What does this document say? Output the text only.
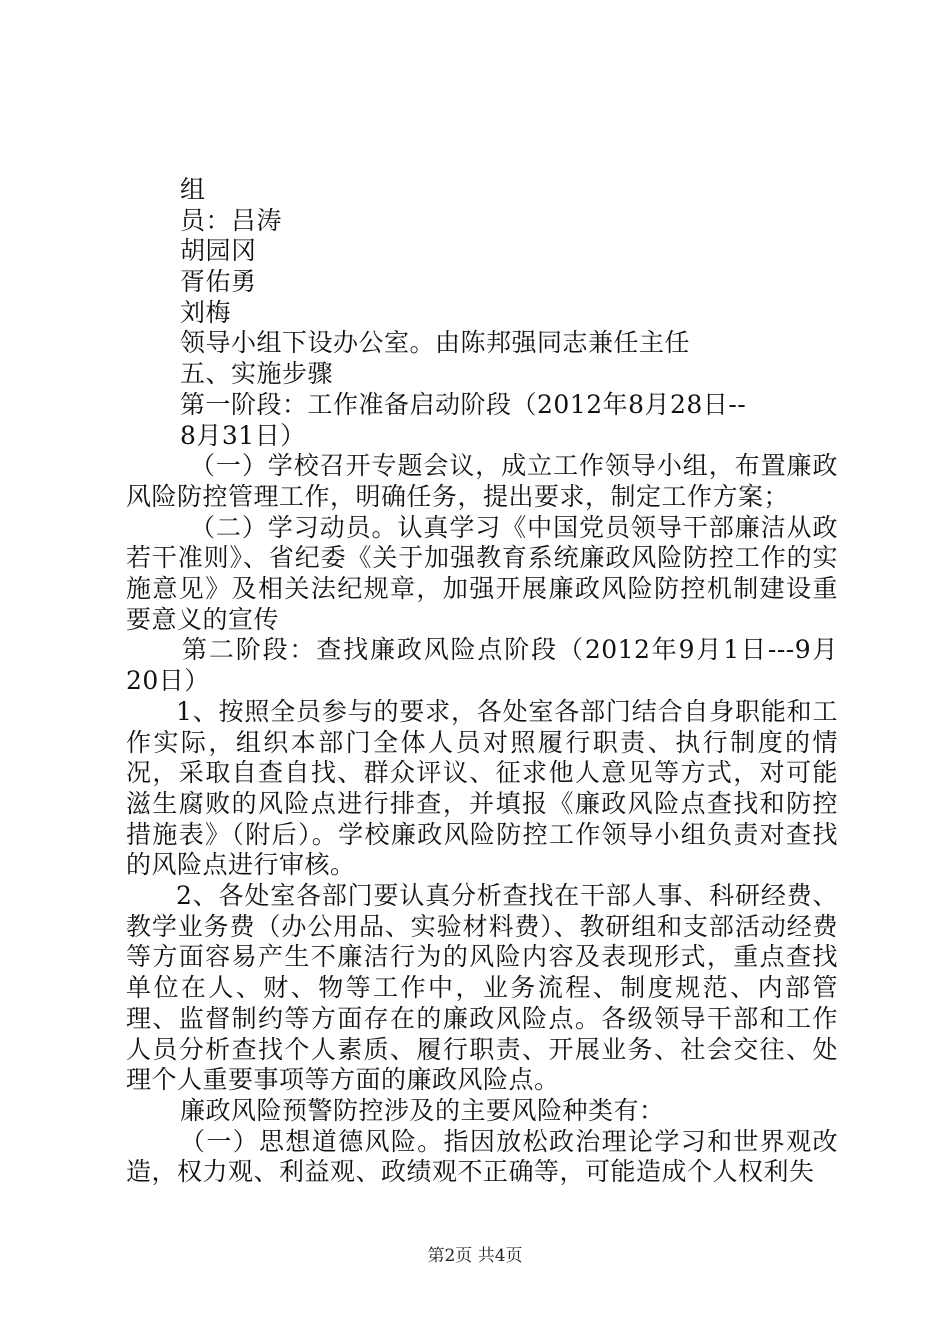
组
员：吕涛
胡园冈
胥佑勇
刘梅
领导小组下设办公室。由陈邦强同志兼任主任
五、实施步骤
第一阶段：工作准备启动阶段（2012年8月28日--
8月31日）

（一）学校召开专题会议，成立工作领导小组，布置廉政风险防控管理工作，明确任务，提出要求，制定工作方案；

（二）学习动员。认真学习《中国党员领导干部廉洁从政若干准则》、省纪委《关于加强教育系统廉政风险防控工作的实施意见》及相关法纪规章，加强开展廉政风险防控机制建设重要意义的宣传

第二阶段：查找廉政风险点阶段（2012年9月1日---9月20日）

1、按照全员参与的要求，各处室各部门结合自身职能和工作实际，组织本部门全体人员对照履行职责、执行制度的情况，采取自查自找、群众评议、征求他人意见等方式，对可能滋生腐败的风险点进行排查，并填报《廉政风险点查找和防控措施表》（附后）。学校廉政风险防控工作领导小组负责对查找的风险点进行审核。

2、各处室各部门要认真分析查找在干部人事、科研经费、教学业务费（办公用品、实验材料费）、教研组和支部活动经费等方面容易产生不廉洁行为的风险内容及表现形式，重点查找单位在人、财、物等工作中，业务流程、制度规范、内部管理、监督制约等方面存在的廉政风险点。各级领导干部和工作人员分析查找个人素质、履行职责、开展业务、社会交往、处理个人重要事项等方面的廉政风险点。

廉政风险预警防控涉及的主要风险种类有：

（一）思想道德风险。指因放松政治理论学习和世界观改造，权力观、利益观、政绩观不正确等，可能造成个人权利失

第2页 共4页
